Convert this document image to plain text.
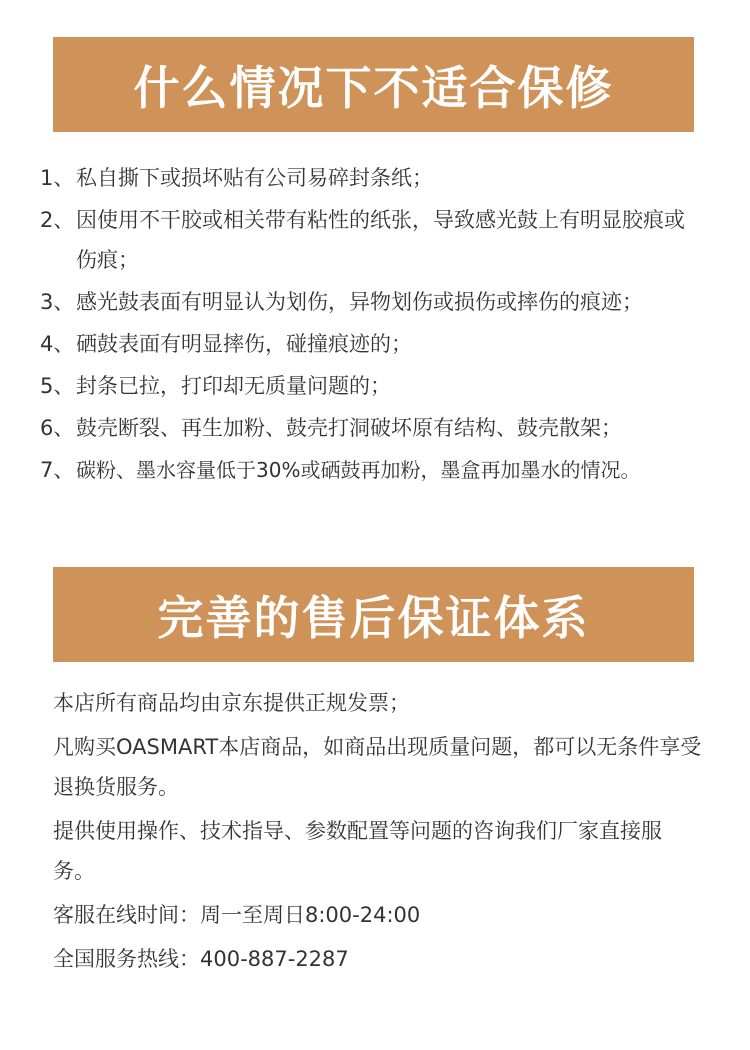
什么情况下不适合保修
1、 私自撕下或损坏贴有公司易碎封条纸；
2、 因使用不干胶或相关带有粘性的纸张，导致感光鼓上有明显胶痕或伤痕；
3、 感光鼓表面有明显认为划伤，异物划伤或损伤或摔伤的痕迹；
4、 硒鼓表面有明显摔伤，碰撞痕迹的；
5、 封条已拉，打印却无质量问题的；
6、 鼓壳断裂、再生加粉、鼓壳打洞破坏原有结构、鼓壳散架；
7、 碳粉、墨水容量低于30%或硒鼓再加粉，墨盒再加墨水的情况。
完善的售后保证体系

本店所有商品均由京东提供正规发票；

凡购买OASMART本店商品，如商品出现质量问题，都可以无条件享受退换货服务。

提供使用操作、技术指导、参数配置等问题的咨询我们厂家直接服务。

客服在线时间：周一至周日8:00-24:00

全国服务热线：400-887-2287
